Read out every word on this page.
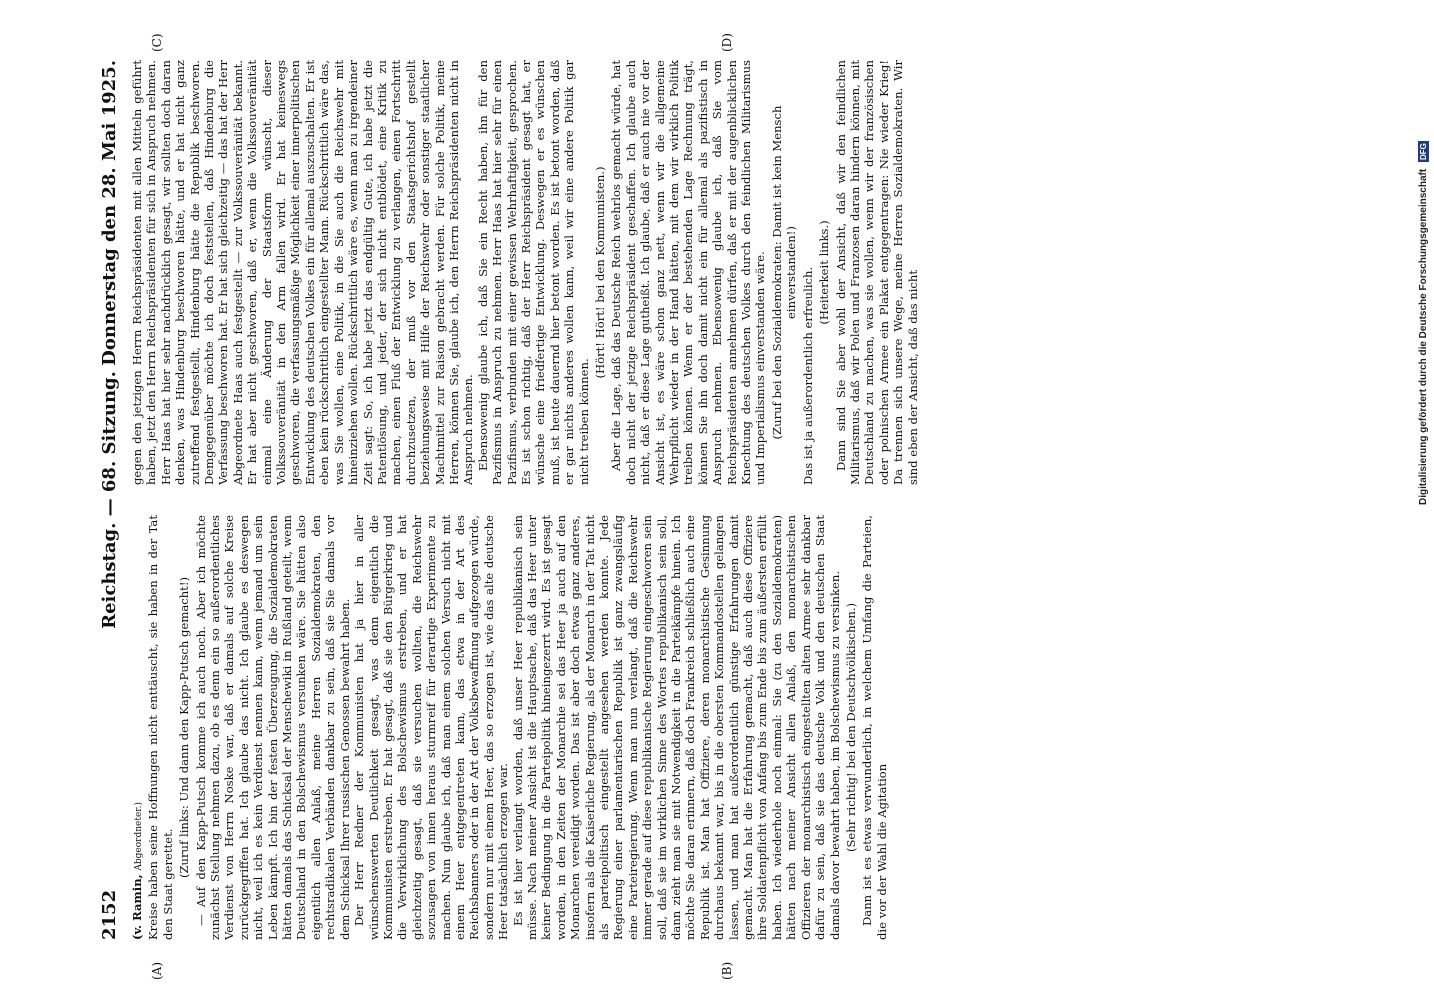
2152
Reichstag. — 68. Sitzung.
Donnerstag den 28. Mai 1925.
(A)	(B)
(C)	(D)

(v. Ramin, Abgeordneter.) Kreise haben seine Hoffnungen nicht enttäuscht, sie haben in der Tat den Staat gerettet.

(Zuruf links: Und dann den Kapp-Putsch gemacht!) — Auf den Kapp-Putsch komme ich auch noch. Aber ich möchte zunächst Stellung nehmen dazu, ob es denn ein so außerordentliches Verdienst von Herrn Noske war, daß er damals auf solche Kreise zurückgegriffen hat. Ich glaube das nicht. Ich glaube es deswegen nicht, weil ich es kein Verdienst nennen kann, wenn jemand um sein Leben kämpft. Ich bin der festen Überzeugung, die Sozialdemokraten hätten damals das Schicksal der Menschewiki in Rußland geteilt, wenn Deutschland in den Bolschewismus versunken wäre. Sie hätten also eigentlich allen Anlaß, meine Herren Sozialdemokraten, den rechtsradikalen Verbänden dankbar zu sein, daß sie Sie damals vor dem Schicksal Ihrer russischen Genossen bewahrt haben. Der Herr Redner der Kommunisten hat ja hier in aller wünschenswerten Deutlichkeit gesagt, was denn eigentlich die Kommunisten erstreben. Er hat gesagt, daß sie den Bürgerkrieg und die Verwirklichung des Bolschewismus erstreben, und er hat gleichzeitig gesagt, daß sie versuchen wollten, die Reichswehr sozusagen von innen heraus sturmreif für derartige Experimente zu machen. Nun glaube ich, daß man einem solchen Versuch nicht mit einem Heer entgegentreten kann, das etwa in der Art des Reichsbanners oder in der Art der Volksbewaffnung aufgezogen würde, sondern nur mit einem Heer, das so erzogen ist, wie das alte deutsche Heer tatsächlich erzogen war. Es ist hier verlangt worden, daß unser Heer republikanisch sein müsse. Nach meiner Ansicht ist die Hauptsache, daß das Heer unter keiner Bedingung in die Parteipolitik hineingezerrt wird. Es ist gesagt worden, in den Zeiten der Monarchie sei das Heer ja auch auf den Monarchen vereidigt worden. Das ist aber doch etwas ganz anderes, insofern als die Kaiserliche Regierung, als der Monarch in der Tat nicht als parteipolitisch eingestellt angesehen werden konnte. Jede Regierung einer parlamentarischen Republik ist ganz zwangsläufig eine Parteiregierung. Wenn man nun verlangt, daß die Reichswehr immer gerade auf diese republikanische Regierung eingeschworen sein soll, daß sie im wirklichen Sinne des Wortes republikanisch sein soll, dann zieht man sie mit Notwendigkeit in die Parteikämpfe hinein. Ich möchte Sie daran erinnern, daß doch Frankreich schließlich auch eine Republik ist. Man hat Offiziere, deren monarchistische Gesinnung durchaus bekannt war, bis in die obersten Kommandostellen gelangen lassen, und man hat außerordentlich günstige Erfahrungen damit gemacht. Man hat die Erfahrung gemacht, daß auch diese Offiziere ihre Soldatenpflicht von Anfang bis zum Ende bis zum äußersten erfüllt haben. Ich wiederhole noch einmal: Sie (zu den Sozialdemokraten) hätten nach meiner Ansicht allen Anlaß, den monarchistischen Offizieren der monarchistisch eingestellten alten Armee sehr dankbar dafür zu sein, daß sie das deutsche Volk und den deutschen Staat damals davor bewahrt haben, im Bolschewismus zu versinken. (Sehr richtig! bei den Deutschvölkischen.) Dann ist es etwas verwunderlich, in welchem Umfang die Parteien, die vor der Wahl die Agitation

gegen den jetzigen Herrn Reichspräsidenten mit allen Mitteln geführt haben, jetzt den Herrn Reichspräsidenten für sich in Anspruch nehmen. Herr Haas hat hier sehr nachdrücklich gesagt, wir sollten doch daran denken, was Hindenburg beschworen hätte, und er hat nicht ganz zutreffend festgestellt, Hindenburg hätte die Republik beschworen. Demgegenüber möchte ich doch feststellen, daß Hindenburg die Verfassung beschworen hat. Er hat sich gleichzeitig — das hat der Herr Abgeordnete Haas auch festgestellt — zur Volkssouveränität bekannt. Er hat aber nicht geschworen, daß er, wenn die Volkssouveränität einmal eine Änderung der Staatsform wünscht, dieser Volkssouveränität in den Arm fallen wird. Er hat keineswegs geschworen, die verfassungsmäßige Möglichkeit einer innerpolitischen Entwicklung des deutschen Volkes ein für allemal auszuschalten. Er ist eben kein rückschrittlich eingestellter Mann. Rückschrittlich wäre das, was Sie wollen, eine Politik, in die Sie auch die Reichswehr mit hineinziehen wollen. Rückschrittlich wäre es, wenn man zu irgendeiner Zeit sagt: So, ich habe jetzt das endgültig Gute, ich habe jetzt die Patentlösung, und jeder, der sich nicht entblödet, eine Kritik zu machen, einen Fluß der Entwicklung zu verlangen, einen Fortschritt durchzusetzen, der muß vor den Staatsgerichtshof gestellt beziehungsweise mit Hilfe der Reichswehr oder sonstiger staatlicher Machtmittel zur Raison gebracht werden. Für solche Politik, meine Herren, können Sie, glaube ich, den Herrn Reichspräsidenten nicht in Anspruch nehmen. Ebensowenig glaube ich, daß Sie ein Recht haben, ihn für den Pazifismus in Anspruch zu nehmen. Herr Haas hat hier sehr für einen Pazifismus, verbunden mit einer gewissen Wehrhaftigkeit, gesprochen. Es ist schon richtig, daß der Herr Reichspräsident gesagt hat, er wünsche eine friedfertige Entwicklung. Deswegen er es wünschen muß, ist heute dauernd hier betont worden. Es ist betont worden, daß er gar nichts anderes wollen kann, weil wir eine andere Politik gar nicht treiben können.

(Hört! Hört! bei den Kommunisten.) Aber die Lage, daß das Deutsche Reich wehrlos gemacht würde, hat doch nicht der jetzige Reichspräsident geschaffen. Ich glaube auch nicht, daß er diese Lage gutheißt. Ich glaube, daß er auch nie vor der Ansicht ist, es wäre schon ganz nett, wenn wir die allgemeine Wehrpflicht wieder in der Hand hätten, mit dem wir wirklich Politik treiben können. Wenn er der bestehenden Lage Rechnung trägt, können Sie ihn doch damit nicht ein für allemal als pazifistisch in Anspruch nehmen. Ebensowenig glaube ich, daß Sie vom Reichspräsidenten annehmen dürfen, daß er mit der augenblicklichen Knechtung des deutschen Volkes durch den feindlichen Militarismus und Imperialismus einverstanden wäre. (Zuruf bei den Sozialdemokraten: Damit ist kein Mensch einverstanden!) Das ist ja außerordentlich erfreulich. (Heiterkeit links.) Dann sind Sie aber wohl der Ansicht, daß wir den feindlichen Militarismus, daß wir Polen und Franzosen daran hindern können, mit Deutschland zu machen, was sie wollen, wenn wir der französischen oder polnischen Armee ein Plakat entgegentragen: Nie wieder Krieg! Da trennen sich unsere Wege, meine Herren Sozialdemokraten. Wir sind eben der Ansicht, daß das nicht	Digitalisierung gefördert durch die Deutsche Forschungsgemeinschaft DFG
